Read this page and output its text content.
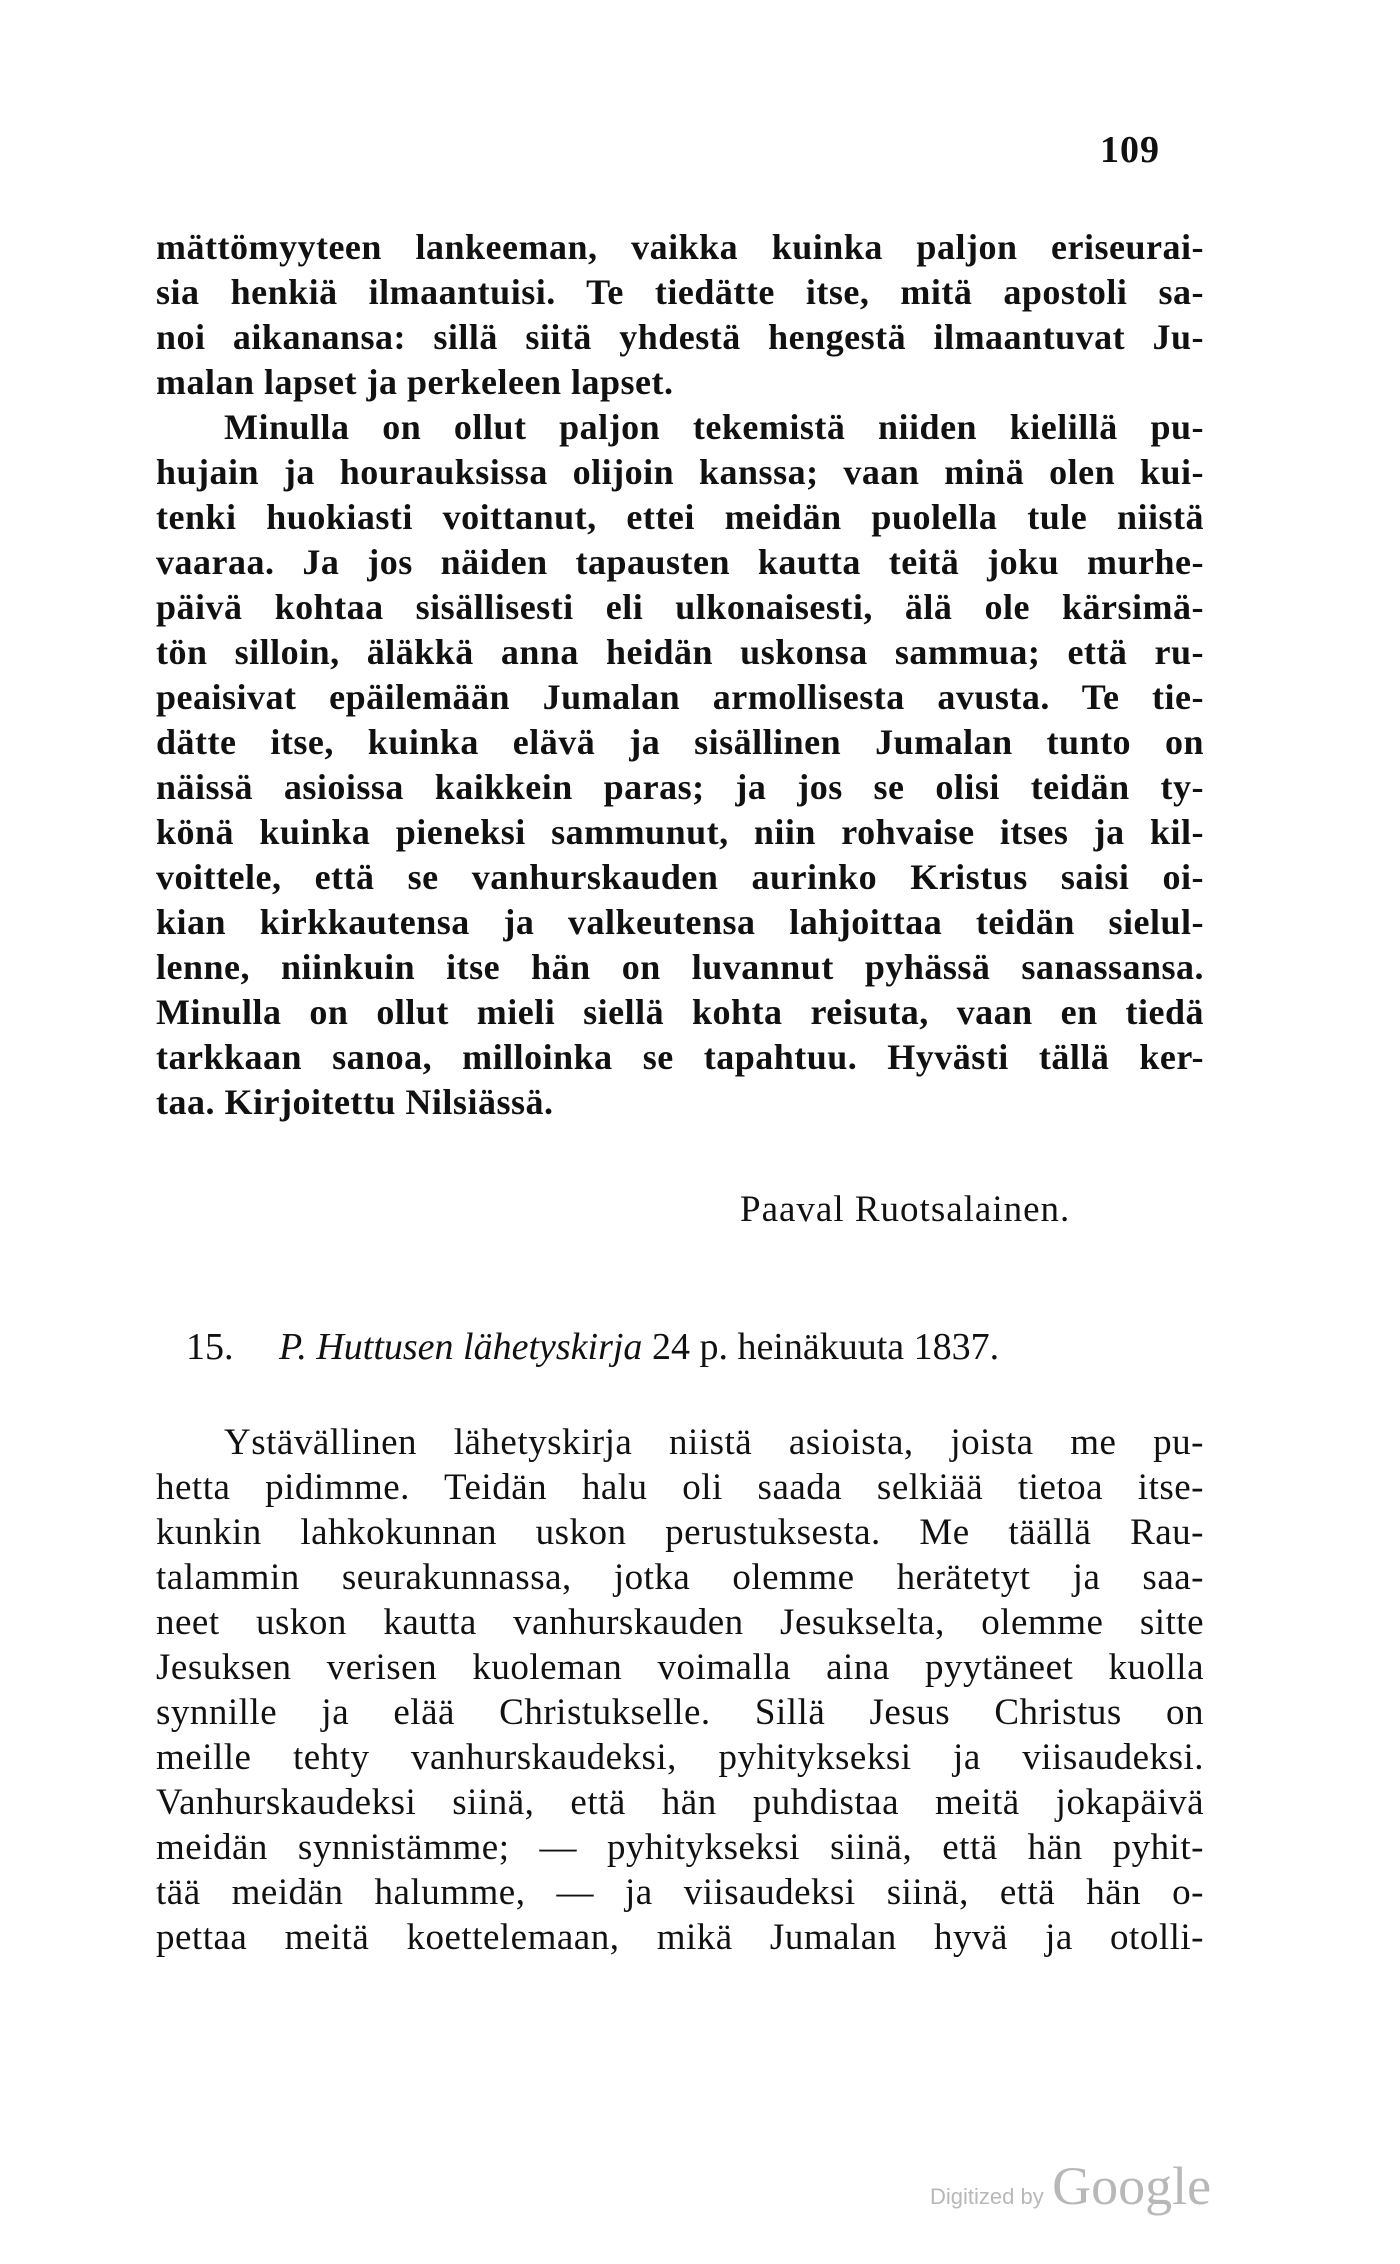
109
mättömyyteen lankeeman, vaikka kuinka paljon eriseurai-
sia henkiä ilmaantuisi. Te tiedätte itse, mitä apostoli sa-
noi aikanansa: sillä siitä yhdestä hengestä ilmaantuvat Ju-
malan lapset ja perkeleen lapset.
Minulla on ollut paljon tekemistä niiden kielillä pu-
hujain ja hourauksissa olijoin kanssa; vaan minä olen kui-
tenki huokiasti voittanut, ettei meidän puolella tule niistä
vaaraa. Ja jos näiden tapausten kautta teitä joku murhe-
päivä kohtaa sisällisesti eli ulkonaisesti, älä ole kärsimä-
tön silloin, äläkkä anna heidän uskonsa sammua; että ru-
peaisivat epäilemään Jumalan armollisesta avusta. Te tie-
dätte itse, kuinka elävä ja sisällinen Jumalan tunto on
näissä asioissa kaikkein paras; ja jos se olisi teidän ty-
könä kuinka pieneksi sammunut, niin rohvaise itses ja kil-
voittele, että se vanhurskauden aurinko Kristus saisi oi-
kian kirkkautensa ja valkeutensa lahjoittaa teidän sielul-
lenne, niinkuin itse hän on luvannut pyhässä sanassansa.
Minulla on ollut mieli siellä kohta reisuta, vaan en tiedä
tarkkaan sanoa, milloinka se tapahtuu. Hyvästi tällä ker-
taa. Kirjoitettu Nilsiässä.
Paaval Ruotsalainen.
15. P. Huttusen lähetyskirja 24 p. heinäkuuta 1837.
Ystävällinen lähetyskirja niistä asioista, joista me pu-
hetta pidimme. Teidän halu oli saada selkiää tietoa itse-
kunkin lahkokunnan uskon perustuksesta. Me täällä Rau-
talammin seurakunnassa, jotka olemme herätetyt ja saa-
neet uskon kautta vanhurskauden Jesukselta, olemme sitte
Jesuksen verisen kuoleman voimalla aina pyytäneet kuolla
synnille ja elää Christukselle. Sillä Jesus Christus on
meille tehty vanhurskaudeksi, pyhitykseksi ja viisaudeksi.
Vanhurskaudeksi siinä, että hän puhdistaa meitä jokapäivä
meidän synnistämme; — pyhitykseksi siinä, että hän pyhit-
tää meidän halumme, — ja viisaudeksi siinä, että hän o-
pettaa meitä koettelemaan, mikä Jumalan hyvä ja otolli-
Digitized by Google
